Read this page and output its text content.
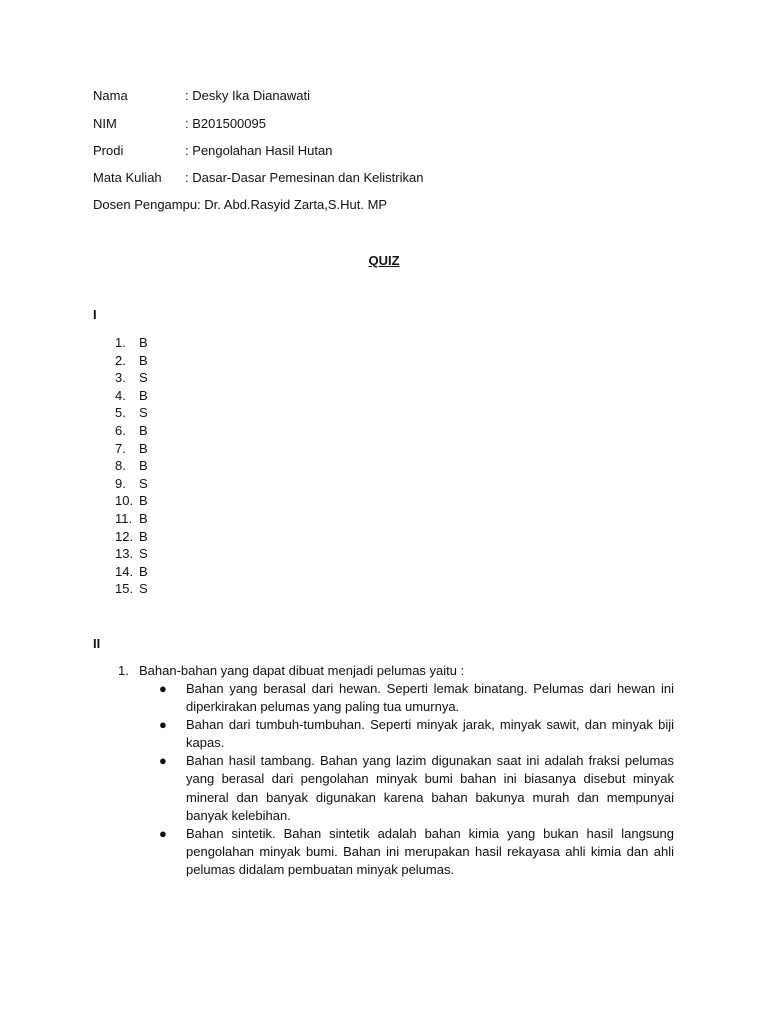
Nama	: Desky Ika Dianawati
NIM	: B201500095
Prodi	: Pengolahan Hasil Hutan
Mata Kuliah : Dasar-Dasar Pemesinan dan Kelistrikan
Dosen Pengampu: Dr. Abd.Rasyid Zarta,S.Hut. MP
QUIZ
I
1. B
2. B
3. S
4. B
5. S
6. B
7. B
8. B
9. S
10. B
11. B
12. B
13. S
14. B
15. S
II
1. Bahan-bahan yang dapat dibuat menjadi pelumas yaitu :
● Bahan yang berasal dari hewan. Seperti lemak binatang. Pelumas dari hewan ini diperkirakan pelumas yang paling tua umurnya.
● Bahan dari tumbuh-tumbuhan. Seperti minyak jarak, minyak sawit, dan minyak biji kapas.
● Bahan hasil tambang. Bahan yang lazim digunakan saat ini adalah fraksi pelumas yang berasal dari pengolahan minyak bumi bahan ini biasanya disebut minyak mineral dan banyak digunakan karena bahan bakunya murah dan mempunyai banyak kelebihan.
● Bahan sintetik. Bahan sintetik adalah bahan kimia yang bukan hasil langsung pengolahan minyak bumi. Bahan ini merupakan hasil rekayasa ahli kimia dan ahli pelumas didalam pembuatan minyak pelumas.
